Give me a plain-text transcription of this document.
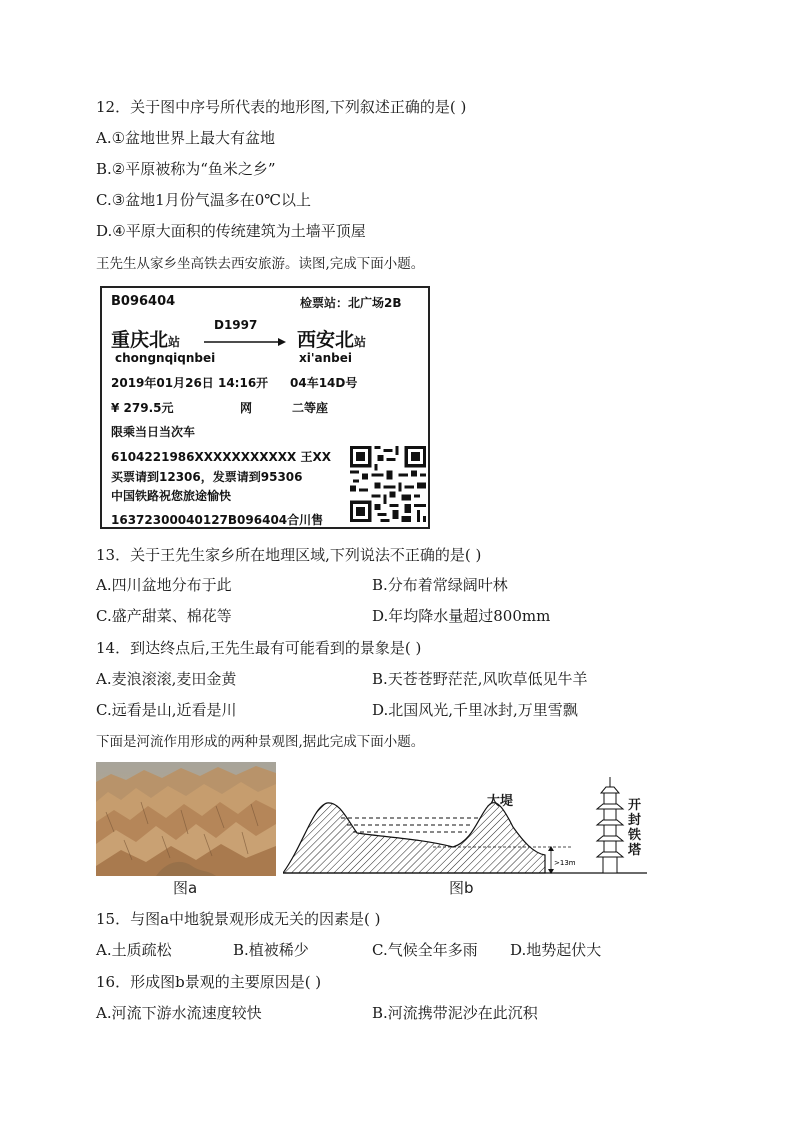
12．关于图中序号所代表的地形图,下列叙述正确的是( )
A.①盆地世界上最大有盆地
B.②平原被称为“鱼米之乡”
C.③盆地1月份气温多在0℃以上
D.④平原大面积的传统建筑为土墙平顶屋
王先生从家乡坐高铁去西安旅游。读图,完成下面小题。
B096404	检票站：北广场2B
D1997
重庆北站	西安北站
chongnqiqnbei	xi'anbei
2019年01月26日 14:16开 04车14D号
¥ 279.5元	网	二等座
限乘当日当次车
6104221986XXXXXXXXXXX 王XX
买票请到12306，发票请到95306
中国铁路祝您旅途愉快
16372300040127B096404合川售
13．关于王先生家乡所在地理区域,下列说法不正确的是( )
A.四川盆地分布于此	B.分布着常绿阔叶林
C.盛产甜菜、棉花等	D.年均降水量超过800mm
14．到达终点后,王先生最有可能看到的景象是( )
A.麦浪滚滚,麦田金黄	B.天苍苍野茫茫,风吹草低见牛羊
C.远看是山,近看是川	D.北国风光,千里冰封,万里雪飘
下面是河流作用形成的两种景观图,据此完成下面小题。
图a
>13m
大堤	开
封
铁
塔
图b
15．与图a中地貌景观形成无关的因素是( )
A.土质疏松	B.植被稀少	C.气候全年多雨 D.地势起伏大
16．形成图b景观的主要原因是( )
A.河流下游水流速度较快	B.河流携带泥沙在此沉积
